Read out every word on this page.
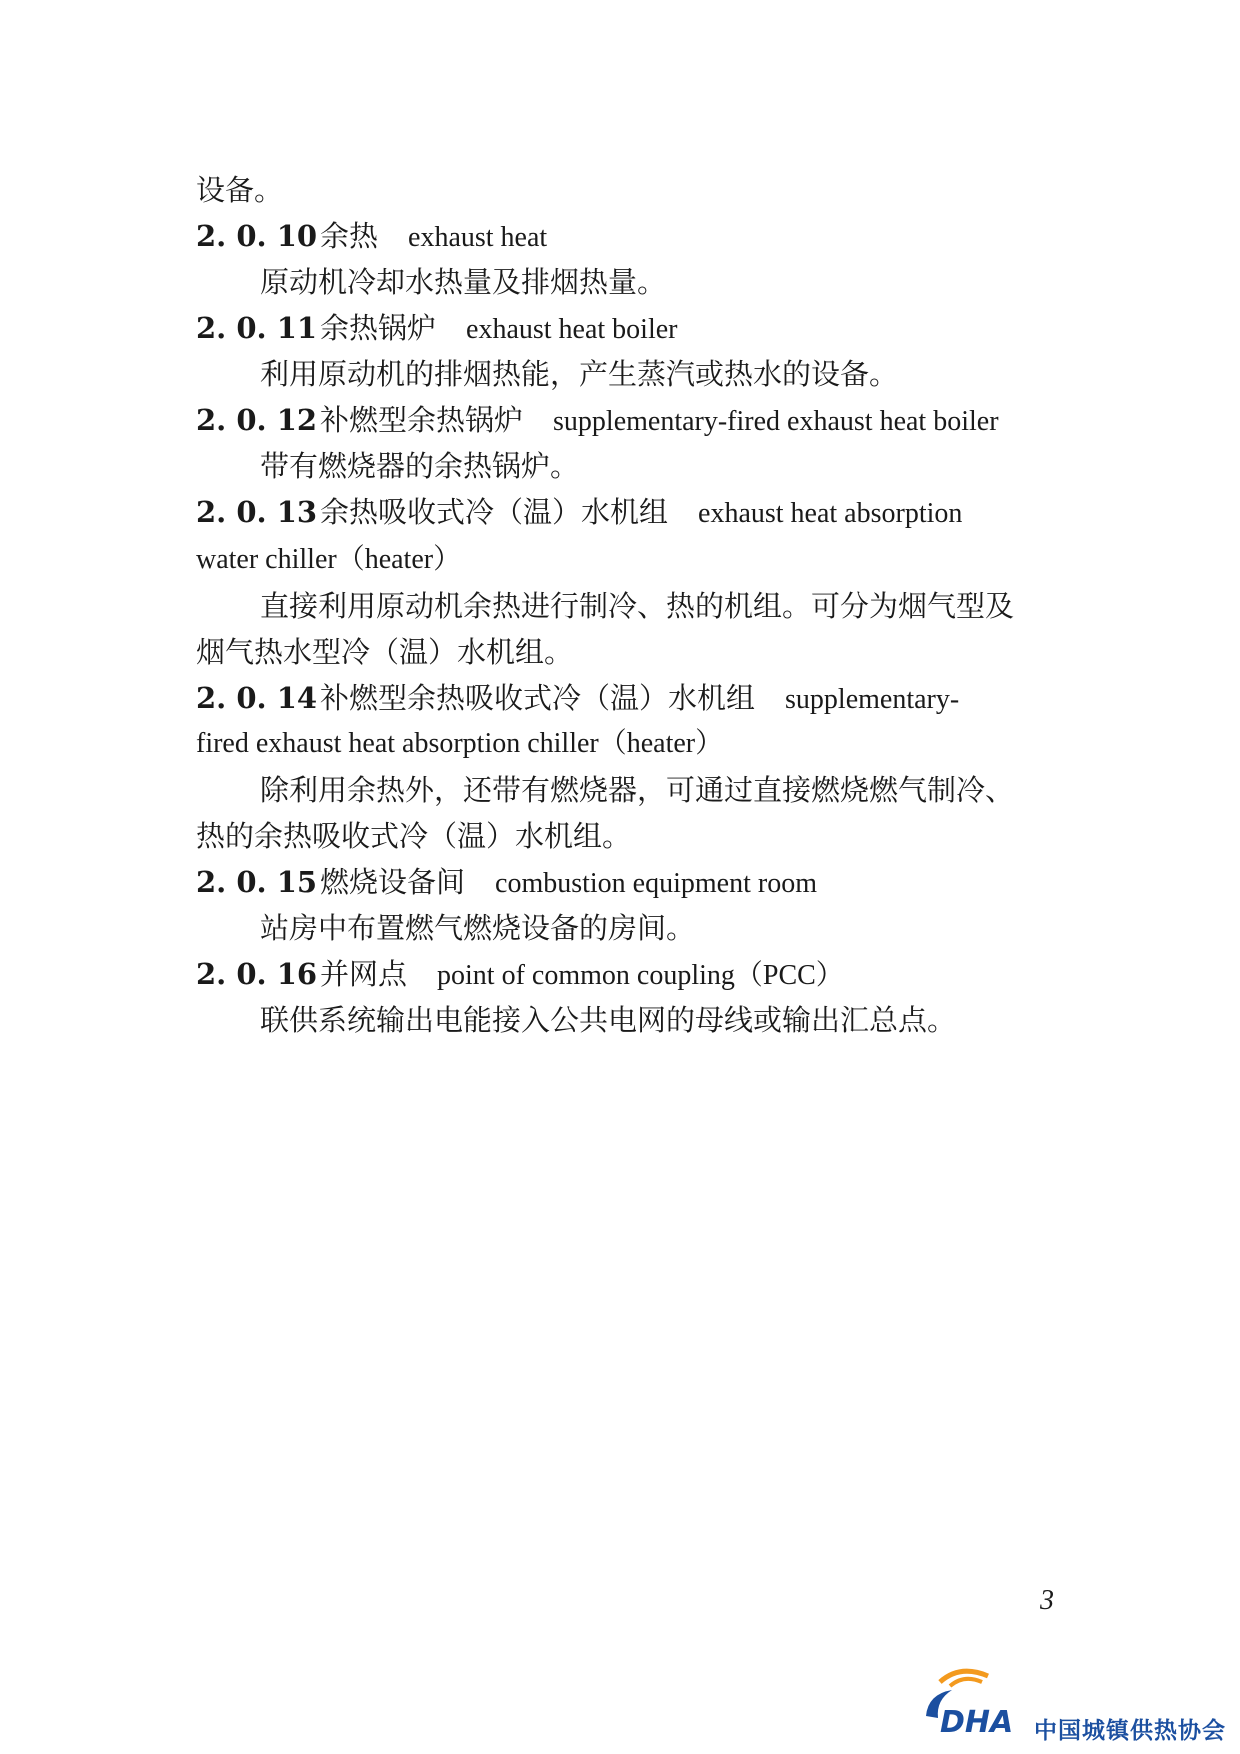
设备。
2. 0. 10余热 exhaust heat
原动机冷却水热量及排烟热量。
2. 0. 11余热锅炉 exhaust heat boiler
利用原动机的排烟热能，产生蒸汽或热水的设备。
2. 0. 12补燃型余热锅炉 supplementary-fired exhaust heat boiler
带有燃烧器的余热锅炉。
2. 0. 13余热吸收式冷（温）水机组 exhaust heat absorption
water chiller（heater）
直接利用原动机余热进行制冷、热的机组。可分为烟气型及
烟气热水型冷（温）水机组。
2. 0. 14补燃型余热吸收式冷（温）水机组 supplementary-
fired exhaust heat absorption chiller（heater）
除利用余热外，还带有燃烧器，可通过直接燃烧燃气制冷、
热的余热吸收式冷（温）水机组。
2. 0. 15燃烧设备间 combustion equipment room
站房中布置燃气燃烧设备的房间。
2. 0. 16并网点 point of common coupling（PCC）
联供系统输出电能接入公共电网的母线或输出汇总点。
3
DHA 中国城镇供热协会
